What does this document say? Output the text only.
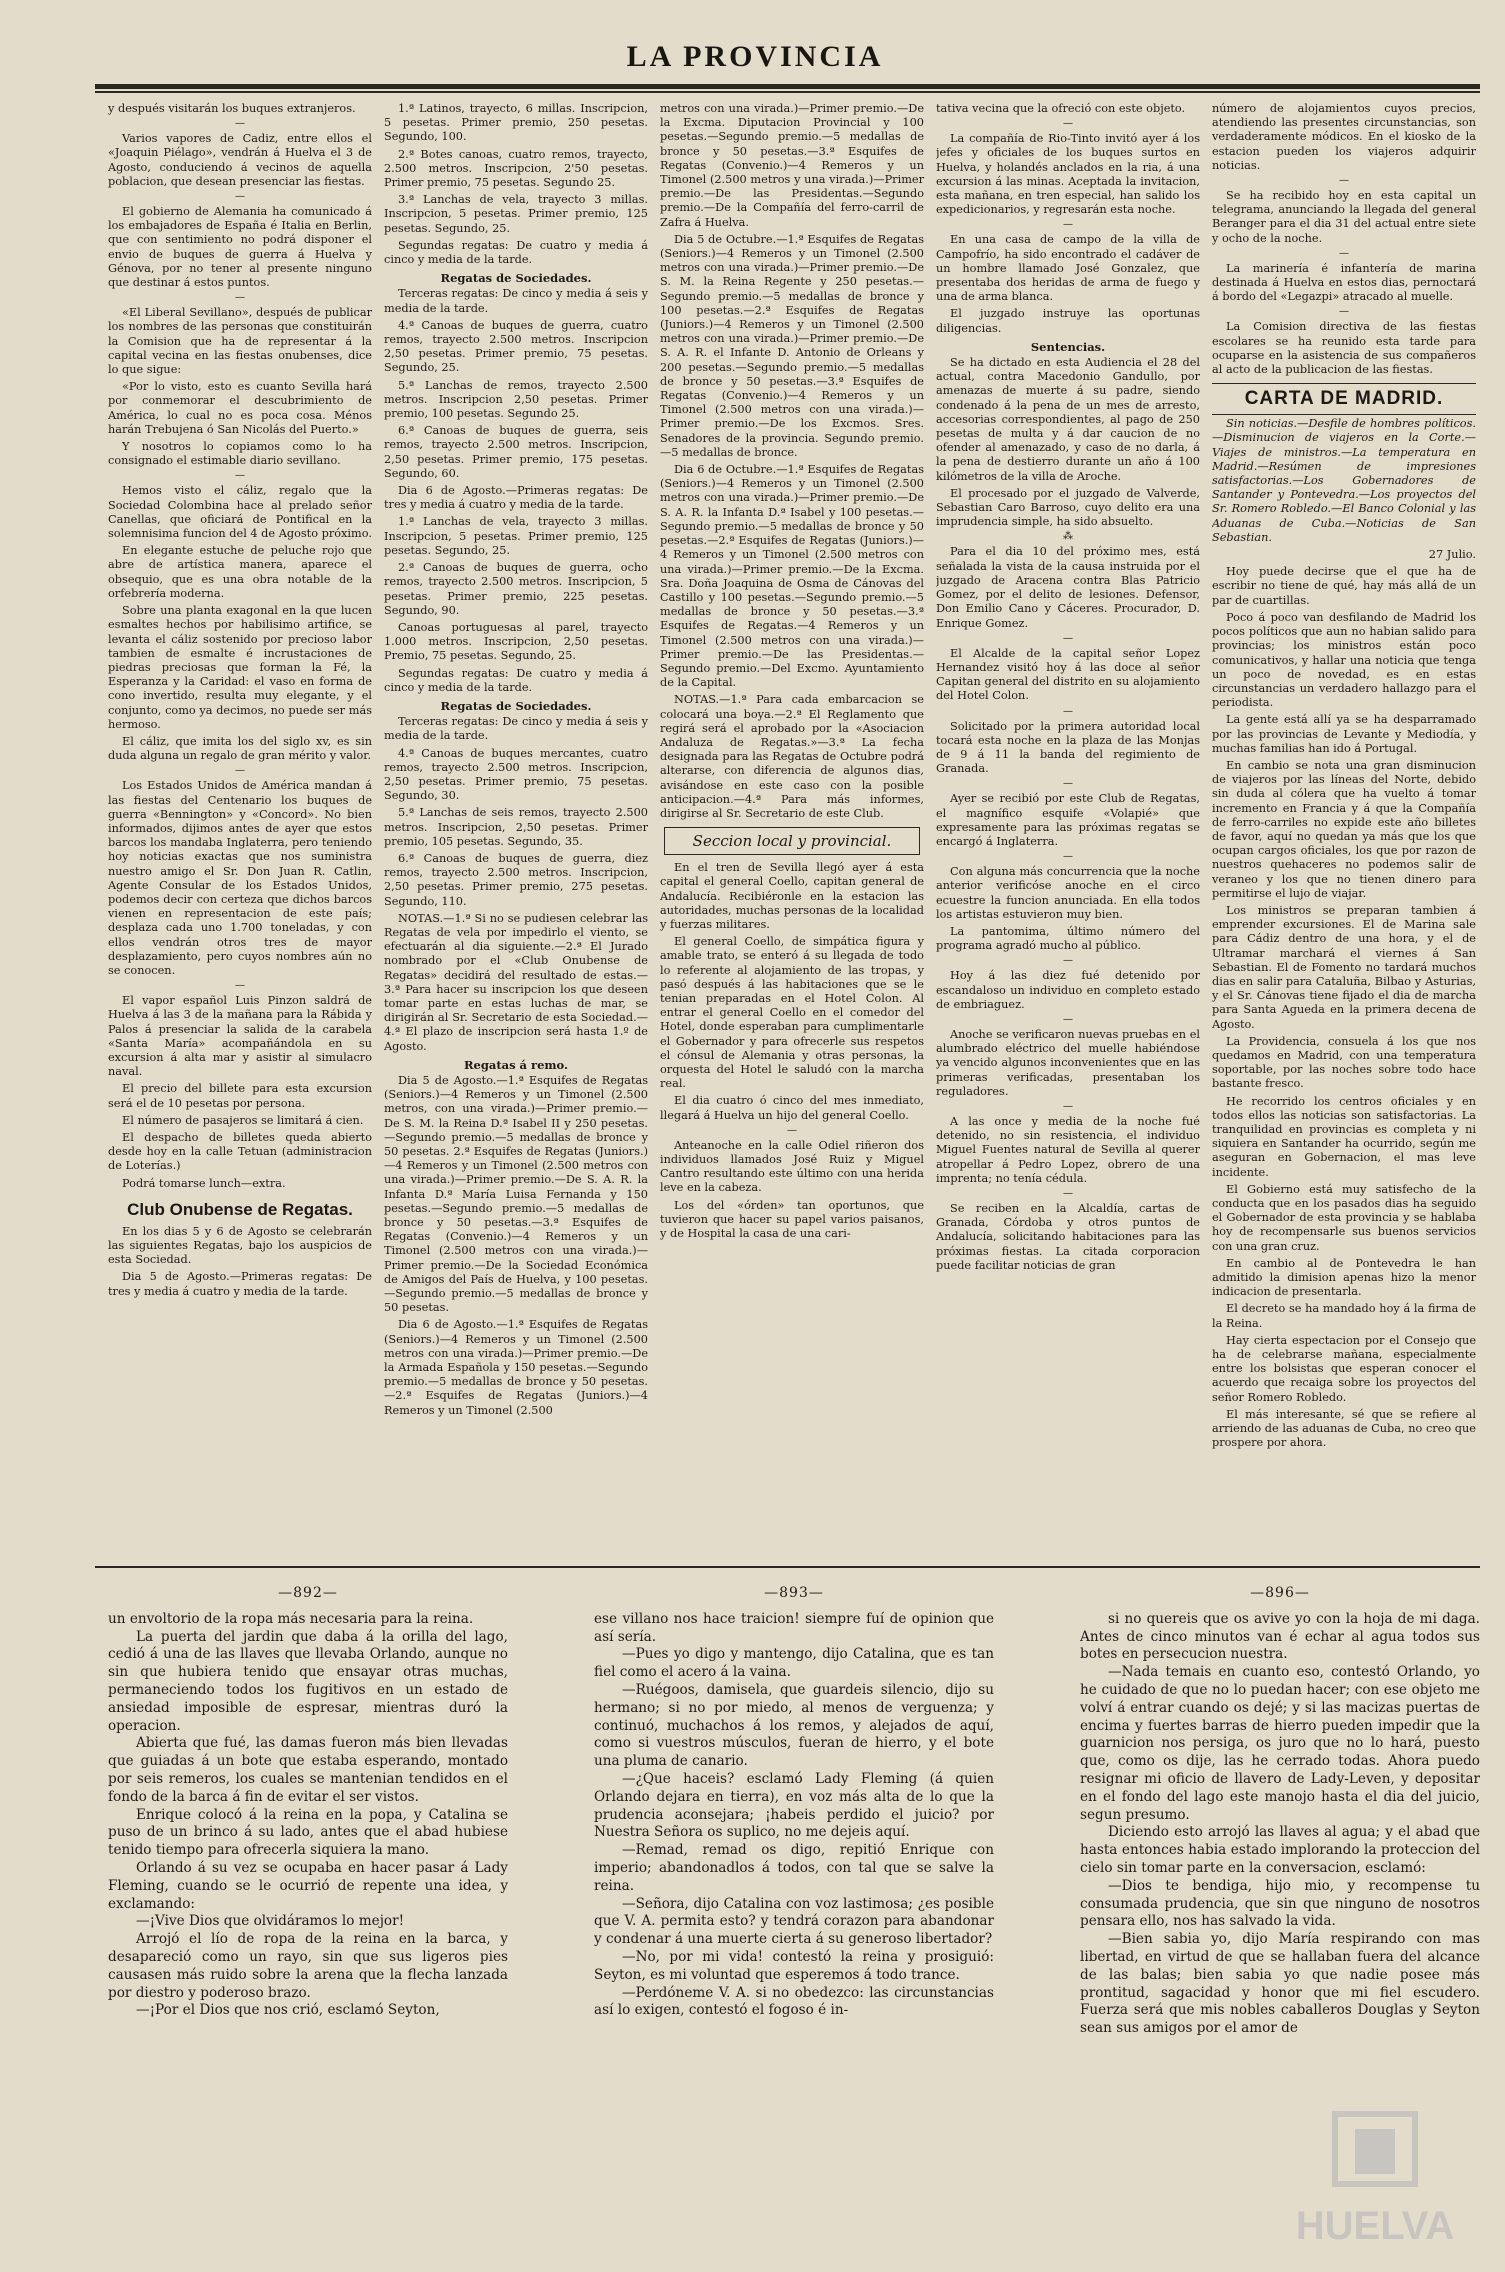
LA PROVINCIA

y después visitarán los buques extranjeros.

—

Varios vapores de Cadiz, entre ellos el «Joaquin Piélago», vendrán á Huelva el 3 de Agosto, conduciendo á vecinos de aquella poblacion, que desean presenciar las fiestas.

—

El gobierno de Alemania ha comunicado á los embajadores de España é Italia en Berlin, que con sentimiento no podrá disponer el envio de buques de guerra á Huelva y Génova, por no tener al presente ninguno que destinar á estos puntos.

—

«El Liberal Sevillano», después de publicar los nombres de las personas que constituirán la Comision que ha de representar á la capital vecina en las fiestas onubenses, dice lo que sigue:

«Por lo visto, esto es cuanto Sevilla hará por conmemorar el descubrimiento de América, lo cual no es poca cosa. Ménos harán Trebujena ó San Nicolás del Puerto.»

Y nosotros lo copiamos como lo ha consignado el estimable diario sevillano.

—

Hemos visto el cáliz, regalo que la Sociedad Colombina hace al prelado señor Canellas, que oficiará de Pontifical en la solemnisima funcion del 4 de Agosto próximo.

En elegante estuche de peluche rojo que abre de artística manera, aparece el obsequio, que es una obra notable de la orfebrería moderna.

Sobre una planta exagonal en la que lucen esmaltes hechos por habilisimo artifice, se levanta el cáliz sostenido por precioso labor tambien de esmalte é incrustaciones de piedras preciosas que forman la Fé, la Esperanza y la Caridad: el vaso en forma de cono invertido, resulta muy elegante, y el conjunto, como ya decimos, no puede ser más hermoso.

El cáliz, que imita los del siglo xv, es sin duda alguna un regalo de gran mérito y valor.

—

Los Estados Unidos de América mandan á las fiestas del Centenario los buques de guerra «Bennington» y «Concord». No bien informados, dijimos antes de ayer que estos barcos los mandaba Inglaterra, pero teniendo hoy noticias exactas que nos suministra nuestro amigo el Sr. Don Juan R. Catlin, Agente Consular de los Estados Unidos, podemos decir con certeza que dichos barcos vienen en representacion de este país; desplaza cada uno 1.700 toneladas, y con ellos vendrán otros tres de mayor desplazamiento, pero cuyos nombres aún no se conocen.

—

El vapor español Luis Pinzon saldrá de Huelva á las 3 de la mañana para la Rábida y Palos á presenciar la salida de la carabela «Santa María» acompañándola en su excursion á alta mar y asistir al simulacro naval.

El precio del billete para esta excursion será el de 10 pesetas por persona.

El número de pasajeros se limitará á cien.

El despacho de billetes queda abierto desde hoy en la calle Tetuan (administracion de Loterías.)

Podrá tomarse lunch—extra.

Club Onubense de Regatas.

En los dias 5 y 6 de Agosto se celebrarán las siguientes Regatas, bajo los auspicios de esta Sociedad.

Dia 5 de Agosto.—Primeras regatas: De tres y media á cuatro y media de la tarde.

1.ª Latinos, trayecto, 6 millas. Inscripcion, 5 pesetas. Primer premio, 250 pesetas. Segundo, 100.

2.ª Botes canoas, cuatro remos, trayecto, 2.500 metros. Inscripcion, 2'50 pesetas. Primer premio, 75 pesetas. Segundo 25.

3.ª Lanchas de vela, trayecto 3 millas. Inscripcion, 5 pesetas. Primer premio, 125 pesetas. Segundo, 25.

Segundas regatas: De cuatro y media á cinco y media de la tarde.

Regatas de Sociedades.

Terceras regatas: De cinco y media á seis y media de la tarde.

4.ª Canoas de buques de guerra, cuatro remos, trayecto 2.500 metros. Inscripcion 2,50 pesetas. Primer premio, 75 pesetas. Segundo, 25.

5.ª Lanchas de remos, trayecto 2.500 metros. Inscripcion 2,50 pesetas. Primer premio, 100 pesetas. Segundo 25.

6.ª Canoas de buques de guerra, seis remos, trayecto 2.500 metros. Inscripcion, 2,50 pesetas. Primer premio, 175 pesetas. Segundo, 60.

Dia 6 de Agosto.—Primeras regatas: De tres y media á cuatro y media de la tarde.

1.ª Lanchas de vela, trayecto 3 millas. Inscripcion, 5 pesetas. Primer premio, 125 pesetas. Segundo, 25.

2.ª Canoas de buques de guerra, ocho remos, trayecto 2.500 metros. Inscripcion, 5 pesetas. Primer premio, 225 pesetas. Segundo, 90.

Canoas portuguesas al parel, trayecto 1.000 metros. Inscripcion, 2,50 pesetas. Premio, 75 pesetas. Segundo, 25.

Segundas regatas: De cuatro y media á cinco y media de la tarde.

Regatas de Sociedades.

Terceras regatas: De cinco y media á seis y media de la tarde.

4.ª Canoas de buques mercantes, cuatro remos, trayecto 2.500 metros. Inscripcion, 2,50 pesetas. Primer premio, 75 pesetas. Segundo, 30.

5.ª Lanchas de seis remos, trayecto 2.500 metros. Inscripcion, 2,50 pesetas. Primer premio, 105 pesetas. Segundo, 35.

6.ª Canoas de buques de guerra, diez remos, trayecto 2.500 metros. Inscripcion, 2,50 pesetas. Primer premio, 275 pesetas. Segundo, 110.

NOTAS.—1.ª Si no se pudiesen celebrar las Regatas de vela por impedirlo el viento, se efectuarán al dia siguiente.—2.ª El Jurado nombrado por el «Club Onubense de Regatas» decidirá del resultado de estas.—3.ª Para hacer su inscripcion los que deseen tomar parte en estas luchas de mar, se dirigirán al Sr. Secretario de esta Sociedad.—4.ª El plazo de inscripcion será hasta 1.º de Agosto.

Regatas á remo.

Dia 5 de Agosto.—1.ª Esquifes de Regatas (Seniors.)—4 Remeros y un Timonel (2.500 metros, con una virada.)—Primer premio.—De S. M. la Reina D.ª Isabel II y 250 pesetas.—Segundo premio.—5 medallas de bronce y 50 pesetas. 2.ª Esquifes de Regatas (Juniors.)—4 Remeros y un Timonel (2.500 metros con una virada.)—Primer premio.—De S. A. R. la Infanta D.ª María Luisa Fernanda y 150 pesetas.—Segundo premio.—5 medallas de bronce y 50 pesetas.—3.ª Esquifes de Regatas (Convenio.)—4 Remeros y un Timonel (2.500 metros con una virada.)—Primer premio.—De la Sociedad Económica de Amigos del País de Huelva, y 100 pesetas.—Segundo premio.—5 medallas de bronce y 50 pesetas.

Dia 6 de Agosto.—1.ª Esquifes de Regatas (Seniors.)—4 Remeros y un Timonel (2.500 metros con una virada.)—Primer premio.—De la Armada Española y 150 pesetas.—Segundo premio.—5 medallas de bronce y 50 pesetas.—2.ª Esquifes de Regatas (Juniors.)—4 Remeros y un Timonel (2.500

metros con una virada.)—Primer premio.—De la Excma. Diputacion Provincial y 100 pesetas.—Segundo premio.—5 medallas de bronce y 50 pesetas.—3.ª Esquifes de Regatas (Convenio.)—4 Remeros y un Timonel (2.500 metros y una virada.)—Primer premio.—De las Presidentas.—Segundo premio.—De la Compañía del ferro-carril de Zafra á Huelva.

Dia 5 de Octubre.—1.ª Esquifes de Regatas (Seniors.)—4 Remeros y un Timonel (2.500 metros con una virada.)—Primer premio.—De S. M. la Reina Regente y 250 pesetas.—Segundo premio.—5 medallas de bronce y 100 pesetas.—2.ª Esquifes de Regatas (Juniors.)—4 Remeros y un Timonel (2.500 metros con una virada.)—Primer premio.—De S. A. R. el Infante D. Antonio de Orleans y 200 pesetas.—Segundo premio.—5 medallas de bronce y 50 pesetas.—3.ª Esquifes de Regatas (Convenio.)—4 Remeros y un Timonel (2.500 metros con una virada.)—Primer premio.—De los Excmos. Sres. Senadores de la provincia. Segundo premio.—5 medallas de bronce.

Dia 6 de Octubre.—1.ª Esquifes de Regatas (Seniors.)—4 Remeros y un Timonel (2.500 metros con una virada.)—Primer premio.—De S. A. R. la Infanta D.ª Isabel y 100 pesetas.—Segundo premio.—5 medallas de bronce y 50 pesetas.—2.ª Esquifes de Regatas (Juniors.)—4 Remeros y un Timonel (2.500 metros con una virada.)—Primer premio.—De la Excma. Sra. Doña Joaquina de Osma de Cánovas del Castillo y 100 pesetas.—Segundo premio.—5 medallas de bronce y 50 pesetas.—3.ª Esquifes de Regatas.—4 Remeros y un Timonel (2.500 metros con una virada.)—Primer premio.—De las Presidentas.—Segundo premio.—Del Excmo. Ayuntamiento de la Capital.

NOTAS.—1.ª Para cada embarcacion se colocará una boya.—2.ª El Reglamento que regirá será el aprobado por la «Asociacion Andaluza de Regatas.»—3.ª La fecha designada para las Regatas de Octubre podrá alterarse, con diferencia de algunos dias, avisándose en este caso con la posible anticipacion.—4.ª Para más informes, dirigirse al Sr. Secretario de este Club.

Seccion local y provincial.

En el tren de Sevilla llegó ayer á esta capital el general Coello, capitan general de Andalucía. Recibiéronle en la estacion las autoridades, muchas personas de la localidad y fuerzas militares.

El general Coello, de simpática figura y amable trato, se enteró á su llegada de todo lo referente al alojamiento de las tropas, y pasó después á las habitaciones que se le tenian preparadas en el Hotel Colon. Al entrar el general Coello en el comedor del Hotel, donde esperaban para cumplimentarle el Gobernador y para ofrecerle sus respetos el cónsul de Alemania y otras personas, la orquesta del Hotel le saludó con la marcha real.

El dia cuatro ó cinco del mes inmediato, llegará á Huelva un hijo del general Coello.

—

Anteanoche en la calle Odiel riñeron dos individuos llamados José Ruiz y Miguel Cantro resultando este último con una herida leve en la cabeza.

Los del «órden» tan oportunos, que tuvieron que hacer su papel varios paisanos, y de Hospital la casa de una cari-

tativa vecina que la ofreció con este objeto.

—

La compañía de Rio-Tinto invitó ayer á los jefes y oficiales de los buques surtos en Huelva, y holandés anclados en la ria, á una excursion á las minas. Aceptada la invitacion, esta mañana, en tren especial, han salido los expedicionarios, y regresarán esta noche.

—

En una casa de campo de la villa de Campofrío, ha sido encontrado el cadáver de un hombre llamado José Gonzalez, que presentaba dos heridas de arma de fuego y una de arma blanca.

El juzgado instruye las oportunas diligencias.

Sentencias.

Se ha dictado en esta Audiencia el 28 del actual, contra Macedonio Gandullo, por amenazas de muerte á su padre, siendo condenado á la pena de un mes de arresto, accesorias correspondientes, al pago de 250 pesetas de multa y á dar caucion de no ofender al amenazado, y caso de no darla, á la pena de destierro durante un año á 100 kilómetros de la villa de Aroche.

El procesado por el juzgado de Valverde, Sebastian Caro Barroso, cuyo delito era una imprudencia simple, ha sido absuelto.

⁂

Para el dia 10 del próximo mes, está señalada la vista de la causa instruida por el juzgado de Aracena contra Blas Patricio Gomez, por el delito de lesiones. Defensor, Don Emilio Cano y Cáceres. Procurador, D. Enrique Gomez.

—

El Alcalde de la capital señor Lopez Hernandez visitó hoy á las doce al señor Capitan general del distrito en su alojamiento del Hotel Colon.

—

Solicitado por la primera autoridad local tocará esta noche en la plaza de las Monjas de 9 á 11 la banda del regimiento de Granada.

—

Ayer se recibió por este Club de Regatas, el magnífico esquife «Volapié» que expresamente para las próximas regatas se encargó á Inglaterra.

—

Con alguna más concurrencia que la noche anterior verificóse anoche en el circo ecuestre la funcion anunciada. En ella todos los artistas estuvieron muy bien.

La pantomima, último número del programa agradó mucho al público.

—

Hoy á las diez fué detenido por escandaloso un individuo en completo estado de embriaguez.

—

Anoche se verificaron nuevas pruebas en el alumbrado eléctrico del muelle habiéndose ya vencido algunos inconvenientes que en las primeras verificadas, presentaban los reguladores.

—

A las once y media de la noche fué detenido, no sin resistencia, el individuo Miguel Fuentes natural de Sevilla al querer atropellar á Pedro Lopez, obrero de una imprenta; no tenía cédula.

—

Se reciben en la Alcaldía, cartas de Granada, Córdoba y otros puntos de Andalucía, solicitando habitaciones para las próximas fiestas. La citada corporacion puede facilitar noticias de gran

número de alojamientos cuyos precios, atendiendo las presentes circunstancias, son verdaderamente módicos. En el kiosko de la estacion pueden los viajeros adquirir noticias.

—

Se ha recibido hoy en esta capital un telegrama, anunciando la llegada del general Beranger para el dia 31 del actual entre siete y ocho de la noche.

—

La marinería é infantería de marina destinada á Huelva en estos dias, pernoctará á bordo del «Legazpi» atracado al muelle.

—

La Comision directiva de las fiestas escolares se ha reunido esta tarde para ocuparse en la asistencia de sus compañeros al acto de la publicacion de las fiestas.

CARTA DE MADRID.

Sin noticias.—Desfile de hombres políticos.—Disminucion de viajeros en la Corte.—Viajes de ministros.—La temperatura en Madrid.—Resúmen de impresiones satisfactorias.—Los Gobernadores de Santander y Pontevedra.—Los proyectos del Sr. Romero Robledo.—El Banco Colonial y las Aduanas de Cuba.—Noticias de San Sebastian.

27 Julio.

Hoy puede decirse que el que ha de escribir no tiene de qué, hay más allá de un par de cuartillas.

Poco á poco van desfilando de Madrid los pocos políticos que aun no habian salido para provincias; los ministros están poco comunicativos, y hallar una noticia que tenga un poco de novedad, es en estas circunstancias un verdadero hallazgo para el periodista.

La gente está allí ya se ha desparramado por las provincias de Levante y Mediodía, y muchas familias han ido á Portugal.

En cambio se nota una gran disminucion de viajeros por las líneas del Norte, debido sin duda al cólera que ha vuelto á tomar incremento en Francia y á que la Compañía de ferro-carriles no expide este año billetes de favor, aquí no quedan ya más que los que ocupan cargos oficiales, los que por razon de nuestros quehaceres no podemos salir de veraneo y los que no tienen dinero para permitirse el lujo de viajar.

Los ministros se preparan tambien á emprender excursiones. El de Marina sale para Cádiz dentro de una hora, y el de Ultramar marchará el viernes á San Sebastian. El de Fomento no tardará muchos dias en salir para Cataluña, Bilbao y Asturias, y el Sr. Cánovas tiene fijado el dia de marcha para Santa Agueda en la primera decena de Agosto.

La Providencia, consuela á los que nos quedamos en Madrid, con una temperatura soportable, por las noches sobre todo hace bastante fresco.

He recorrido los centros oficiales y en todos ellos las noticias son satisfactorias. La tranquilidad en provincias es completa y ni siquiera en Santander ha ocurrido, según me aseguran en Gobernacion, el mas leve incidente.

El Gobierno está muy satisfecho de la conducta que en los pasados dias ha seguido el Gobernador de esta provincia y se hablaba hoy de recompensarle sus buenos servicios con una gran cruz.

En cambio al de Pontevedra le han admitido la dimision apenas hizo la menor indicacion de presentarla.

El decreto se ha mandado hoy á la firma de la Reina.

Hay cierta espectacion por el Consejo que ha de celebrarse mañana, especialmente entre los bolsistas que esperan conocer el acuerdo que recaiga sobre los proyectos del señor Romero Robledo.

El más interesante, sé que se refiere al arriendo de las aduanas de Cuba, no creo que prospere por ahora.

—892—

un envoltorio de la ropa más necesaria para la reina.

La puerta del jardin que daba á la orilla del lago, cedió á una de las llaves que llevaba Orlando, aunque no sin que hubiera tenido que ensayar otras muchas, permaneciendo todos los fugitivos en un estado de ansiedad imposible de espresar, mientras duró la operacion.

Abierta que fué, las damas fueron más bien llevadas que guiadas á un bote que estaba esperando, montado por seis remeros, los cuales se mantenian tendidos en el fondo de la barca á fin de evitar el ser vistos.

Enrique colocó á la reina en la popa, y Catalina se puso de un brinco á su lado, antes que el abad hubiese tenido tiempo para ofrecerla siquiera la mano.

Orlando á su vez se ocupaba en hacer pasar á Lady Fleming, cuando se le ocurrió de repente una idea, y exclamando:

—¡Vive Dios que olvidáramos lo mejor!

Arrojó el lío de ropa de la reina en la barca, y desapareció como un rayo, sin que sus ligeros pies causasen más ruido sobre la arena que la flecha lanzada por diestro y poderoso brazo.

—¡Por el Dios que nos crió, esclamó Seyton,

—893—

ese villano nos hace traicion! siempre fuí de opinion que así sería.

—Pues yo digo y mantengo, dijo Catalina, que es tan fiel como el acero á la vaina.

—Ruégoos, damisela, que guardeis silencio, dijo su hermano; si no por miedo, al menos de verguenza; y continuó, muchachos á los remos, y alejados de aquí, como si vuestros músculos, fueran de hierro, y el bote una pluma de canario.

—¿Que haceis? esclamó Lady Fleming (á quien Orlando dejara en tierra), en voz más alta de lo que la prudencia aconsejara; ¡habeis perdido el juicio? por Nuestra Señora os suplico, no me dejeis aquí.

—Remad, remad os digo, repitió Enrique con imperio; abandonadlos á todos, con tal que se salve la reina.

—Señora, dijo Catalina con voz lastimosa; ¿es posible que V. A. permita esto? y tendrá corazon para abandonar y condenar á una muerte cierta á su generoso libertador?

—No, por mi vida! contestó la reina y prosiguió: Seyton, es mi voluntad que esperemos á todo trance.

—Perdóneme V. A. si no obedezco: las circunstancias así lo exigen, contestó el fogoso é in-

—896—

si no quereis que os avive yo con la hoja de mi daga. Antes de cinco minutos van é echar al agua todos sus botes en persecucion nuestra.

—Nada temais en cuanto eso, contestó Orlando, yo he cuidado de que no lo puedan hacer; con ese objeto me volví á entrar cuando os dejé; y si las macizas puertas de encima y fuertes barras de hierro pueden impedir que la guarnicion nos persiga, os juro que no lo hará, puesto que, como os dije, las he cerrado todas. Ahora puedo resignar mi oficio de llavero de Lady-Leven, y depositar en el fondo del lago este manojo hasta el dia del juicio, segun presumo.

Diciendo esto arrojó las llaves al agua; y el abad que hasta entonces habia estado implorando la proteccion del cielo sin tomar parte en la conversacion, esclamó:

—Dios te bendiga, hijo mio, y recompense tu consumada prudencia, que sin que ninguno de nosotros pensara ello, nos has salvado la vida.

—Bien sabia yo, dijo María respirando con mas libertad, en virtud de que se hallaban fuera del alcance de las balas; bien sabia yo que nadie posee más prontitud, sagacidad y honor que mi fiel escudero. Fuerza será que mis nobles caballeros Douglas y Seyton sean sus amigos por el amor de

HUELVA
